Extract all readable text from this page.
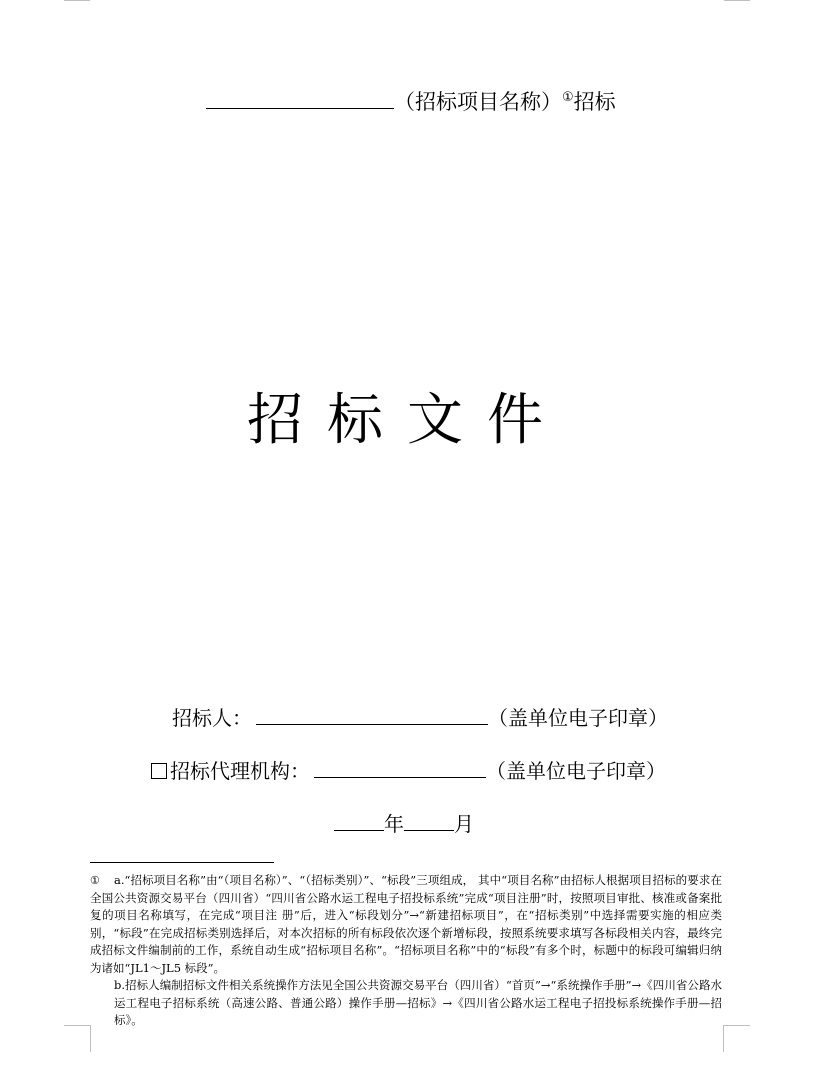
（招标项目名称）①招标
招标文件
招标人：	（盖单位电子印章）
招标代理机构：	（盖单位电子印章）
年	月

① a.“招标项目名称”由“（项目名称）”、“（招标类别）”、“标段”三项组成， 其中“项目名称”由招标人根据项目招标的要求在全国公共资源交易平台（四川省）“四川省公路水运工程电子招投标系统”完成“项目注册”时，按照项目审批、核准或备案批复的项目名称填写，在完成“项目注 册”后，进入“标段划分”→“新建招标项目”，在“招标类别”中选择需要实施的相应类别，“标段”在完成招标类别选择后，对本次招标的所有标段依次逐个新增标段，按照系统要求填写各标段相关内容，最终完成招标文件编制前的工作，系统自动生成“招标项目名称”。“招标项目名称”中的“标段”有多个时，标题中的标段可编辑归纳为诸如“JL1～JL5 标段”。

b.招标人编制招标文件相关系统操作方法见全国公共资源交易平台（四川省）“首页”→“系统操作手册”→《四川省公路水运工程电子招标系统（高速公路、普通公路）操作手册—招标》→《四川省公路水运工程电子招投标系统操作手册—招标》。
